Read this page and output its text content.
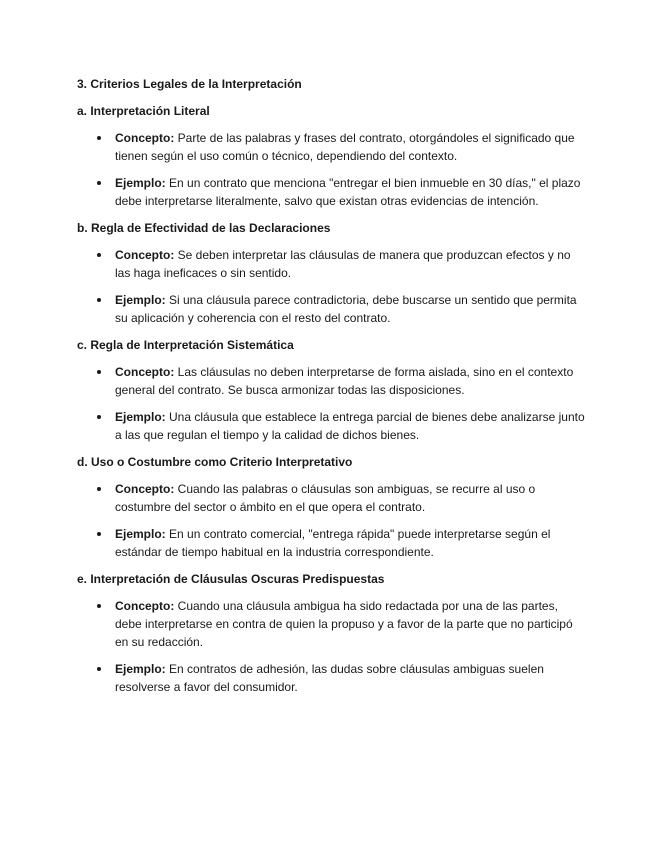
3. Criterios Legales de la Interpretación
a. Interpretación Literal
Concepto: Parte de las palabras y frases del contrato, otorgándoles el significado que tienen según el uso común o técnico, dependiendo del contexto.
Ejemplo: En un contrato que menciona "entregar el bien inmueble en 30 días," el plazo debe interpretarse literalmente, salvo que existan otras evidencias de intención.
b. Regla de Efectividad de las Declaraciones
Concepto: Se deben interpretar las cláusulas de manera que produzcan efectos y no las haga ineficaces o sin sentido.
Ejemplo: Si una cláusula parece contradictoria, debe buscarse un sentido que permita su aplicación y coherencia con el resto del contrato.
c. Regla de Interpretación Sistemática
Concepto: Las cláusulas no deben interpretarse de forma aislada, sino en el contexto general del contrato. Se busca armonizar todas las disposiciones.
Ejemplo: Una cláusula que establece la entrega parcial de bienes debe analizarse junto a las que regulan el tiempo y la calidad de dichos bienes.
d. Uso o Costumbre como Criterio Interpretativo
Concepto: Cuando las palabras o cláusulas son ambiguas, se recurre al uso o costumbre del sector o ámbito en el que opera el contrato.
Ejemplo: En un contrato comercial, "entrega rápida" puede interpretarse según el estándar de tiempo habitual en la industria correspondiente.
e. Interpretación de Cláusulas Oscuras Predispuestas
Concepto: Cuando una cláusula ambigua ha sido redactada por una de las partes, debe interpretarse en contra de quien la propuso y a favor de la parte que no participó en su redacción.
Ejemplo: En contratos de adhesión, las dudas sobre cláusulas ambiguas suelen resolverse a favor del consumidor.
